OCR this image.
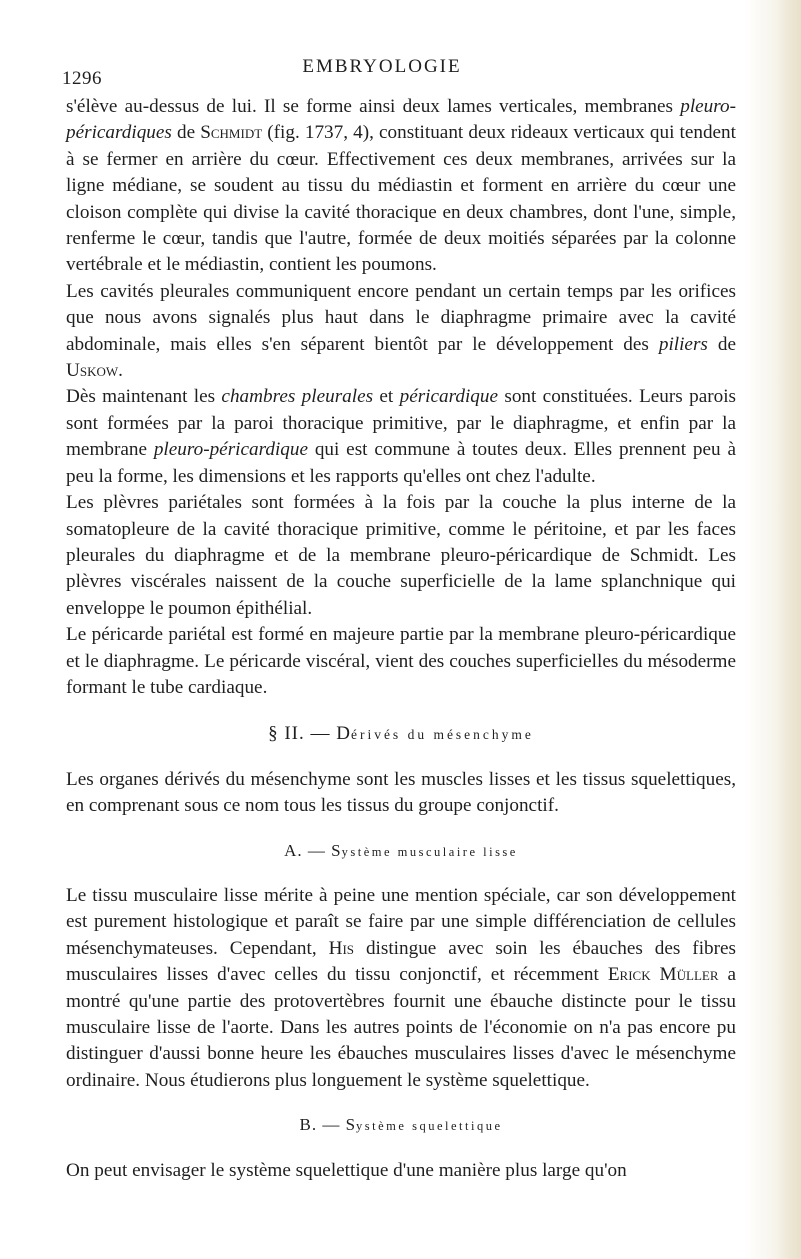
1296
EMBRYOLOGIE

s'élève au-dessus de lui. Il se forme ainsi deux lames verticales, membranes pleuro-péricardiques de Schmidt (fig. 1737, 4), constituant deux rideaux verticaux qui tendent à se fermer en arrière du cœur. Effectivement ces deux membranes, arrivées sur la ligne médiane, se soudent au tissu du médiastin et forment en arrière du cœur une cloison complète qui divise la cavité thoracique en deux chambres, dont l'une, simple, renferme le cœur, tandis que l'autre, formée de deux moitiés séparées par la colonne vertébrale et le médiastin, contient les poumons.

Les cavités pleurales communiquent encore pendant un certain temps par les orifices que nous avons signalés plus haut dans le diaphragme primaire avec la cavité abdominale, mais elles s'en séparent bientôt par le développement des piliers de Uskow.

Dès maintenant les chambres pleurales et péricardique sont constituées. Leurs parois sont formées par la paroi thoracique primitive, par le diaphragme, et enfin par la membrane pleuro-péricardique qui est commune à toutes deux. Elles prennent peu à peu la forme, les dimensions et les rapports qu'elles ont chez l'adulte.

Les plèvres pariétales sont formées à la fois par la couche la plus interne de la somatopleure de la cavité thoracique primitive, comme le péritoine, et par les faces pleurales du diaphragme et de la membrane pleuro-péricardique de Schmidt. Les plèvres viscérales naissent de la couche superficielle de la lame splanchnique qui enveloppe le poumon épithélial.

Le péricarde pariétal est formé en majeure partie par la membrane pleuro-péricardique et le diaphragme. Le péricarde viscéral, vient des couches superficielles du mésoderme formant le tube cardiaque.

§ II. — Dérivés du mésenchyme

Les organes dérivés du mésenchyme sont les muscles lisses et les tissus squelettiques, en comprenant sous ce nom tous les tissus du groupe conjonctif.

A. — Système musculaire lisse

Le tissu musculaire lisse mérite à peine une mention spéciale, car son développement est purement histologique et paraît se faire par une simple différenciation de cellules mésenchymateuses. Cependant, His distingue avec soin les ébauches des fibres musculaires lisses d'avec celles du tissu conjonctif, et récemment Erick Müller a montré qu'une partie des protovertèbres fournit une ébauche distincte pour le tissu musculaire lisse de l'aorte. Dans les autres points de l'économie on n'a pas encore pu distinguer d'aussi bonne heure les ébauches musculaires lisses d'avec le mésenchyme ordinaire. Nous étudierons plus longuement le système squelettique.

B. — Système squelettique

On peut envisager le système squelettique d'une manière plus large qu'on
